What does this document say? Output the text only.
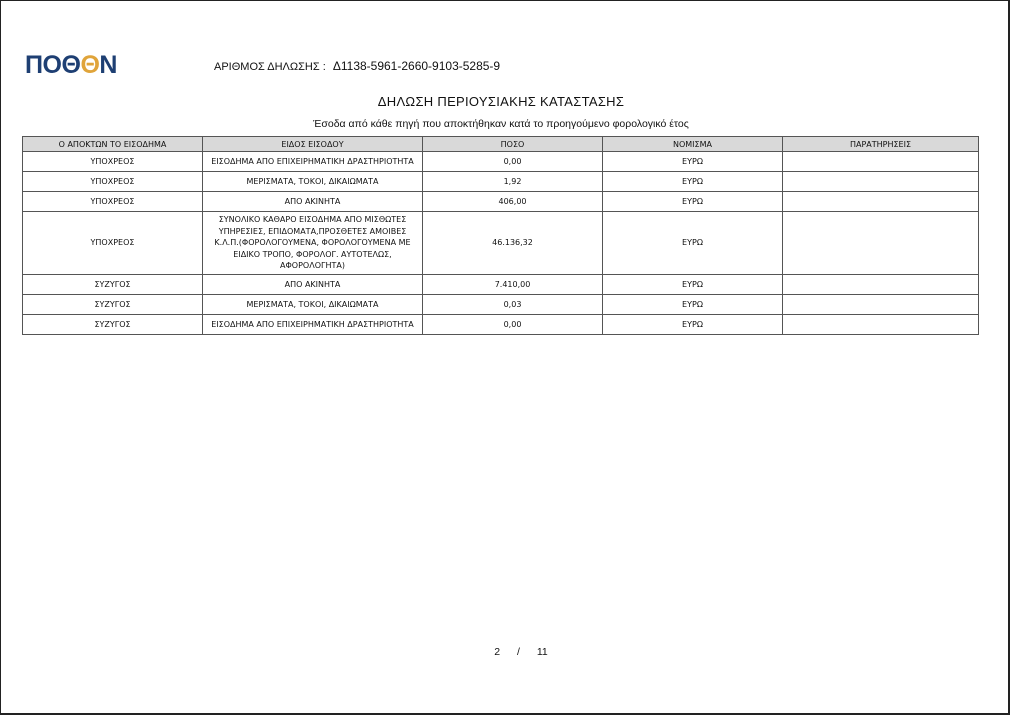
ΠΟΘΘΝ	ΑΡΙΘΜΟΣ ΔΗΛΩΣΗΣ : Δ1138-5961-2660-9103-5285-9
ΔΗΛΩΣΗ ΠΕΡΙΟΥΣΙΑΚΗΣ ΚΑΤΑΣΤΑΣΗΣ
Έσοδα από κάθε πηγή που αποκτήθηκαν κατά το προηγούμενο φορολογικό έτος
Ο ΑΠΟΚΤΩΝ ΤΟ ΕΙΣΟΔΗΜΑ	ΕΙΔΟΣ ΕΙΣΟΔΟΥ	ΠΟΣΟ	ΝΟΜΙΣΜΑ	ΠΑΡΑΤΗΡΗΣΕΙΣ
ΥΠΟΧΡΕΟΣ	ΕΙΣΟΔΗΜΑ ΑΠΟ ΕΠΙΧΕΙΡΗΜΑΤΙΚΗ ΔΡΑΣΤΗΡΙΟΤΗΤΑ	0,00	ΕΥΡΩ	
ΥΠΟΧΡΕΟΣ	ΜΕΡΙΣΜΑΤΑ, ΤΟΚΟΙ, ΔΙΚΑΙΩΜΑΤΑ	1,92	ΕΥΡΩ	
ΥΠΟΧΡΕΟΣ	ΑΠΟ ΑΚΙΝΗΤΑ	406,00	ΕΥΡΩ	
ΥΠΟΧΡΕΟΣ	ΣΥΝΟΛΙΚΟ ΚΑΘΑΡΟ ΕΙΣΟΔΗΜΑ ΑΠΟ ΜΙΣΘΩΤΕΣ ΥΠΗΡΕΣΙΕΣ, ΕΠΙΔΟΜΑΤΑ,ΠΡΟΣΘΕΤΕΣ ΑΜΟΙΒΕΣ Κ.Λ.Π.(ΦΟΡΟΛΟΓΟΥΜΕΝΑ, ΦΟΡΟΛΟΓΟΥΜΕΝΑ ΜΕ ΕΙΔΙΚΟ ΤΡΟΠΟ, ΦΟΡΟΛΟΓ. ΑΥΤΟΤΕΛΩΣ, ΑΦΟΡΟΛΟΓΗΤΑ)	46.136,32	ΕΥΡΩ	
ΣΥΖΥΓΟΣ	ΑΠΟ ΑΚΙΝΗΤΑ	7.410,00	ΕΥΡΩ	
ΣΥΖΥΓΟΣ	ΜΕΡΙΣΜΑΤΑ, ΤΟΚΟΙ, ΔΙΚΑΙΩΜΑΤΑ	0,03	ΕΥΡΩ	
ΣΥΖΥΓΟΣ	ΕΙΣΟΔΗΜΑ ΑΠΟ ΕΠΙΧΕΙΡΗΜΑΤΙΚΗ ΔΡΑΣΤΗΡΙΟΤΗΤΑ	0,00	ΕΥΡΩ	
2 / 11
